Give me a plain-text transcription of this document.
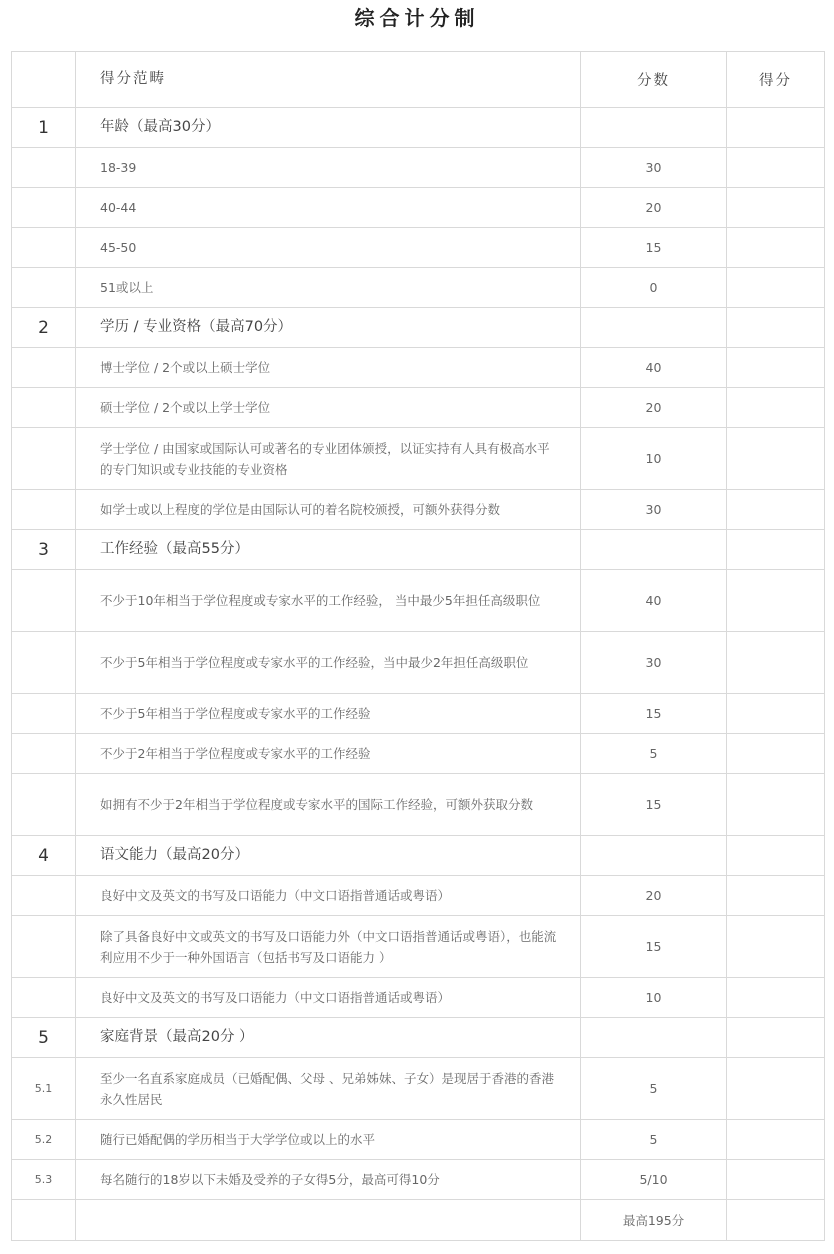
综合计分制
	得分范畴	分数	得分
1	年龄（最高30分）		
	18-39	30	
	40-44	20	
	45-50	15	
	51或以上	0	
2	学历 / 专业资格（最高70分）		
	博士学位 / 2个或以上硕士学位	40	
	硕士学位 / 2个或以上学士学位	20	
	学士学位 / 由国家或国际认可或著名的专业团体颁授，以证实持有人具有极高水平的专门知识或专业技能的专业资格	10	
	如学士或以上程度的学位是由国际认可的着名院校颁授，可额外获得分数	30	
3	工作经验（最高55分）		
	不少于10年相当于学位程度或专家水平的工作经验， 当中最少5年担任高级职位	40	
	不少于5年相当于学位程度或专家水平的工作经验，当中最少2年担任高级职位	30	
	不少于5年相当于学位程度或专家水平的工作经验	15	
	不少于2年相当于学位程度或专家水平的工作经验	5	
	如拥有不少于2年相当于学位程度或专家水平的国际工作经验，可额外获取分数	15	
4	语文能力（最高20分）		
	良好中文及英文的书写及口语能力（中文口语指普通话或粤语）	20	
	除了具备良好中文或英文的书写及口语能力外（中文口语指普通话或粤语），也能流利应用不少于一种外国语言（包括书写及口语能力 ）	15	
	良好中文及英文的书写及口语能力（中文口语指普通话或粤语）	10	
5	家庭背景（最高20分 ）		
5.1	至少一名直系家庭成员（已婚配偶、父母 、兄弟姊妹、子女）是现居于香港的香港永久性居民	5	
5.2	随行已婚配偶的学历相当于大学学位或以上的水平	5	
5.3	每名随行的18岁以下未婚及受养的子女得5分，最高可得10分	5/10	
		最高195分	
